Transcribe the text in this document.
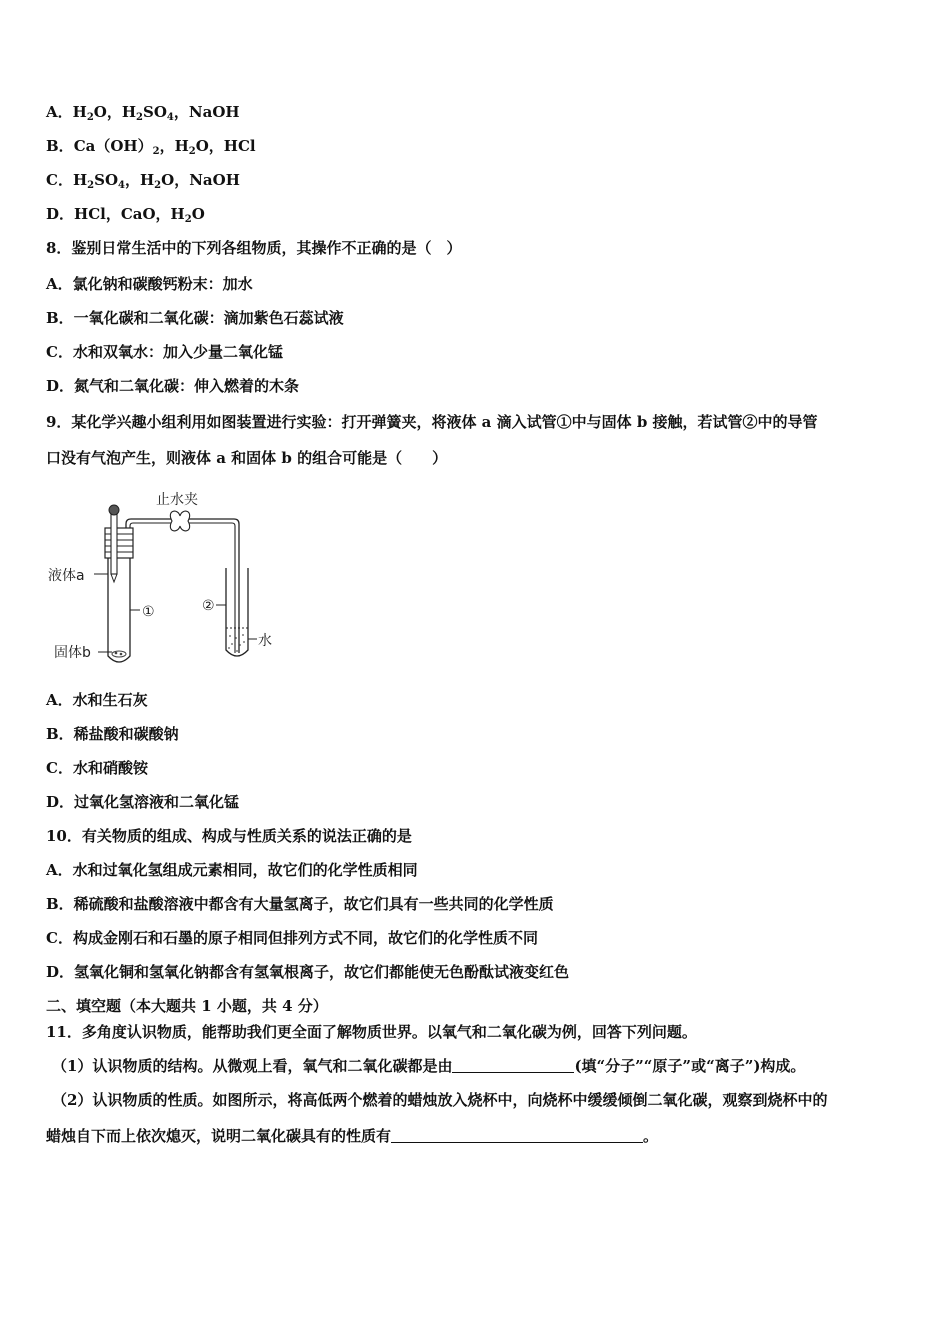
A．$H_2O$，$H_2SO_4$，NaOH
B．$Ca(OH)_2$，$H_2O$，HCl
C．$H_2SO_4$，$H_2O$，NaOH
D．HCl，CaO，$H_2O$
8．鉴别日常生活中的下列各组物质，其操作不正确的是（　）
A．氯化钠和碳酸钙粉末：加水
B．一氧化碳和二氧化碳：滴加紫色石蕊试液
C．水和双氧水：加入少量二氧化锰
D．氮气和二氧化碳：伸入燃着的木条
9．某化学兴趣小组利用如图装置进行实验：打开弹簧夹，将液体 a 滴入试管①中与固体 b 接触，若试管②中的导管
口没有气泡产生，则液体 a 和固体 b 的组合可能是（　　）
止水夹
液体a
①
固体b
②
水
A．水和生石灰
B．稀盐酸和碳酸钠
C．水和硝酸铵
D．过氧化氢溶液和二氧化锰
10．有关物质的组成、构成与性质关系的说法正确的是
A．水和过氧化氢组成元素相同，故它们的化学性质相同
B．稀硫酸和盐酸溶液中都含有大量氢离子，故它们具有一些共同的化学性质
C．构成金刚石和石墨的原子相同但排列方式不同，故它们的化学性质不同
D．氢氧化铜和氢氧化钠都含有氢氧根离子，故它们都能使无色酚酞试液变红色
二、填空题（本大题共 1 小题，共 4 分）
11．多角度认识物质，能帮助我们更全面了解物质世界。以氧气和二氧化碳为例，回答下列问题。
（1）认识物质的结构。从微观上看，氧气和二氧化碳都是由	(填“分子”“原子”或“离子”)构成。
（2）认识物质的性质。如图所示，将高低两个燃着的蜡烛放入烧杯中，向烧杯中缓缓倾倒二氧化碳，观察到烧杯中的
蜡烛自下而上依次熄灭，说明二氧化碳具有的性质有	。
